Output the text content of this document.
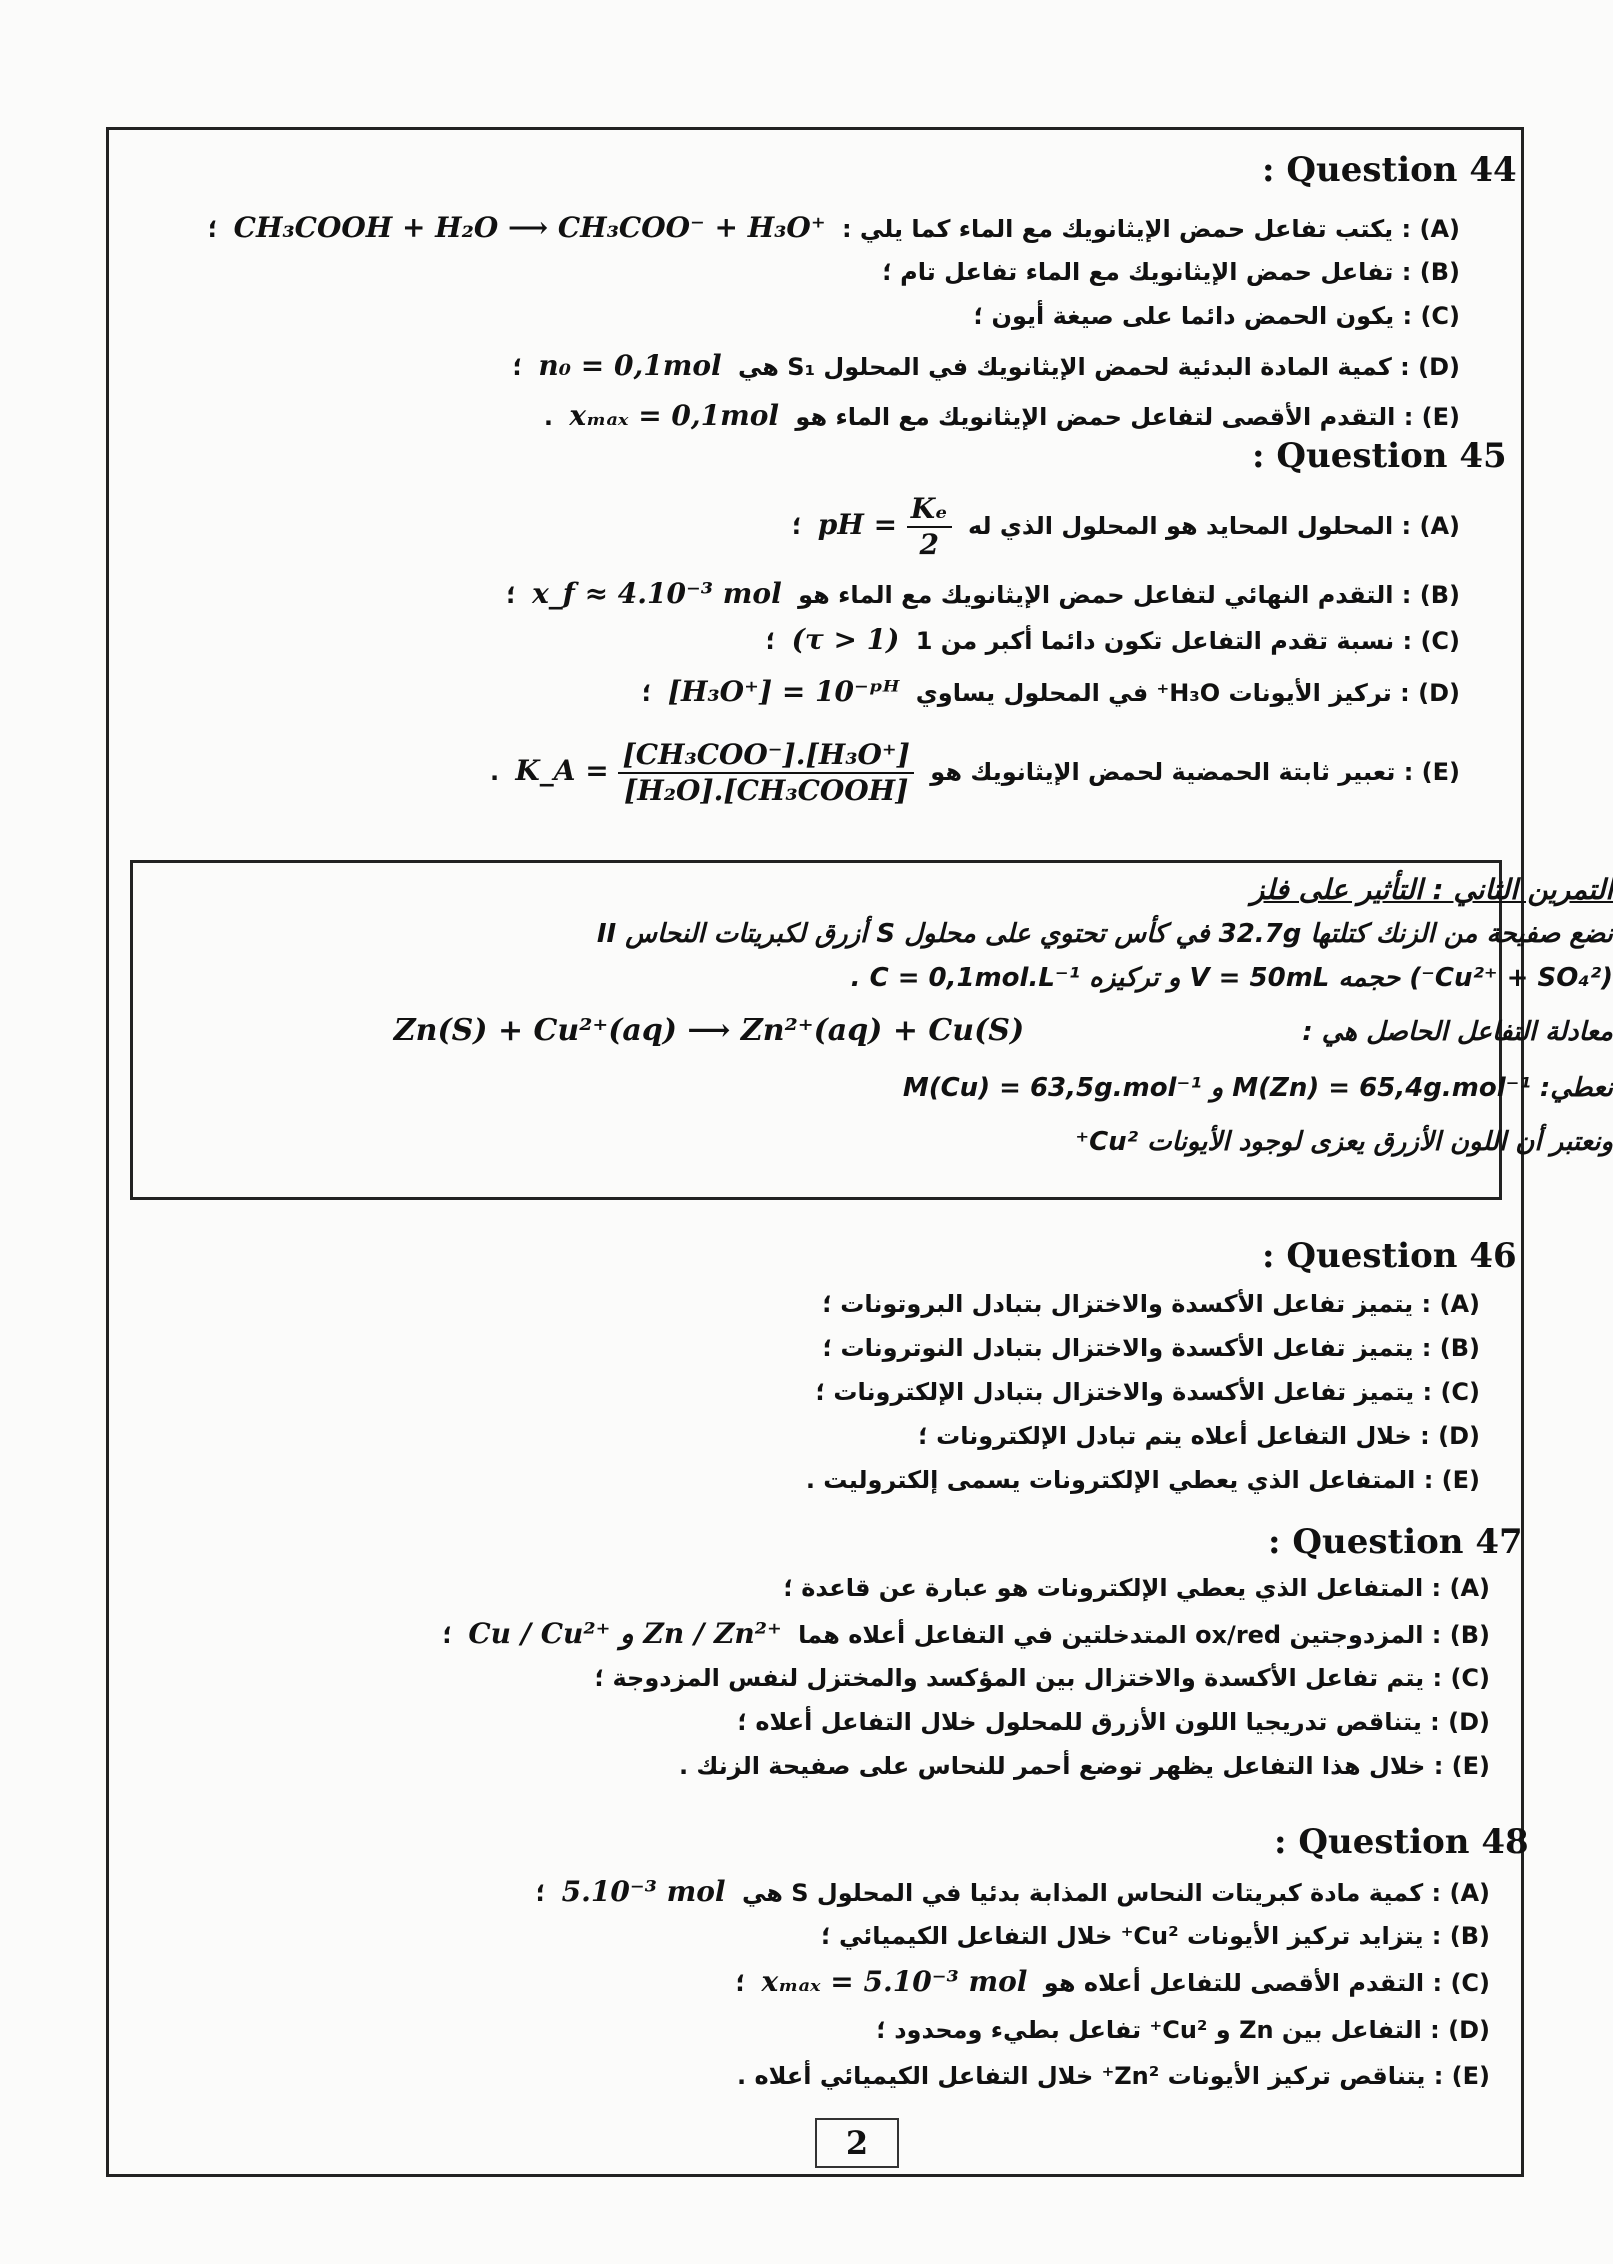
: Question 44
(A) : يكتب تفاعل حمض الإيثانويك مع الماء كما يلي : CH₃COOH + H₂O ⟶ CH₃COO⁻ + H₃O⁺ ؛
(B) : تفاعل حمض الإيثانويك مع الماء تفاعل تام ؛
(C) : يكون الحمض دائما على صيغة أيون ؛
(D) : كمية المادة البدئية لحمض الإيثانويك في المحلول S₁ هي n₀ = 0,1mol ؛
(E) : التقدم الأقصى لتفاعل حمض الإيثانويك مع الماء هو xₘₐₓ = 0,1mol .
: Question 45
(A) : المحلول المحايد هو المحلول الذي له pH = $\frac{\text{Kₑ}}{2}$
؛
(B) : التقدم النهائي لتفاعل حمض الإيثانويك مع الماء هو x_f ≈ 4.10⁻³ mol ؛
(C) : نسبة تقدم التفاعل تكون دائما أكبر من 1 (τ > 1) ؛
(D) : تركيز الأيونات H₃O⁺ في المحلول يساوي [H₃O⁺] = 10⁻ᵖᴴ ؛
(E) : تعبير ثابتة الحمضية لحمض الإيثانويك هو K_A = $\frac{\text{[CH₃COO⁻].[H₃O⁺]}}{\text{[H₂O].[CH₃COOH]}}$
.
التمرين الثاني : التأثير على فلز
نضع صفيحة من الزنك كتلتها 32.7g في كأس تحتوي على محلول S أزرق لكبريتات النحاس II
(Cu²⁺ + SO₄²⁻) حجمه V = 50mL و تركيزه C = 0,1mol.L⁻¹ .
معادلة التفاعل الحاصل هي :  Zn(S) + Cu²⁺(aq) ⟶ Zn²⁺(aq) + Cu(S)
نعطي: M(Zn) = 65,4g.mol⁻¹ و M(Cu) = 63,5g.mol⁻¹
ونعتبر أن اللون الأزرق يعزى لوجود الأيونات Cu²⁺
: Question 46
(A) : يتميز تفاعل الأكسدة والاختزال بتبادل البروتونات ؛
(B) : يتميز تفاعل الأكسدة والاختزال بتبادل النوترونات ؛
(C) : يتميز تفاعل الأكسدة والاختزال بتبادل الإلكترونات ؛
(D) : خلال التفاعل أعلاه يتم تبادل الإلكترونات ؛
(E) : المتفاعل الذي يعطي الإلكترونات يسمى إلكتروليت .
: Question 47
(A) : المتفاعل الذي يعطي الإلكترونات هو عبارة عن قاعدة ؛
(B) : المزدوجتين ox/red المتدخلتين في التفاعل أعلاه هما Cu / Cu²⁺ و Zn / Zn²⁺ ؛
(C) : يتم تفاعل الأكسدة والاختزال بين المؤكسد والمختزل لنفس المزدوجة ؛
(D) : يتناقص تدريجيا اللون الأزرق للمحلول خلال التفاعل أعلاه ؛
(E) : خلال هذا التفاعل يظهر توضع أحمر للنحاس على صفيحة الزنك .
: Question 48
(A) : كمية مادة كبريتات النحاس المذابة بدئيا في المحلول S هي 5.10⁻³ mol ؛
(B) : يتزايد تركيز الأيونات Cu²⁺ خلال التفاعل الكيميائي ؛
(C) : التقدم الأقصى للتفاعل أعلاه هو xₘₐₓ = 5.10⁻³ mol ؛
(D) : التفاعل بين Zn و Cu²⁺ تفاعل بطيء ومحدود ؛
(E) : يتناقص تركيز الأيونات Zn²⁺ خلال التفاعل الكيميائي أعلاه .
2
